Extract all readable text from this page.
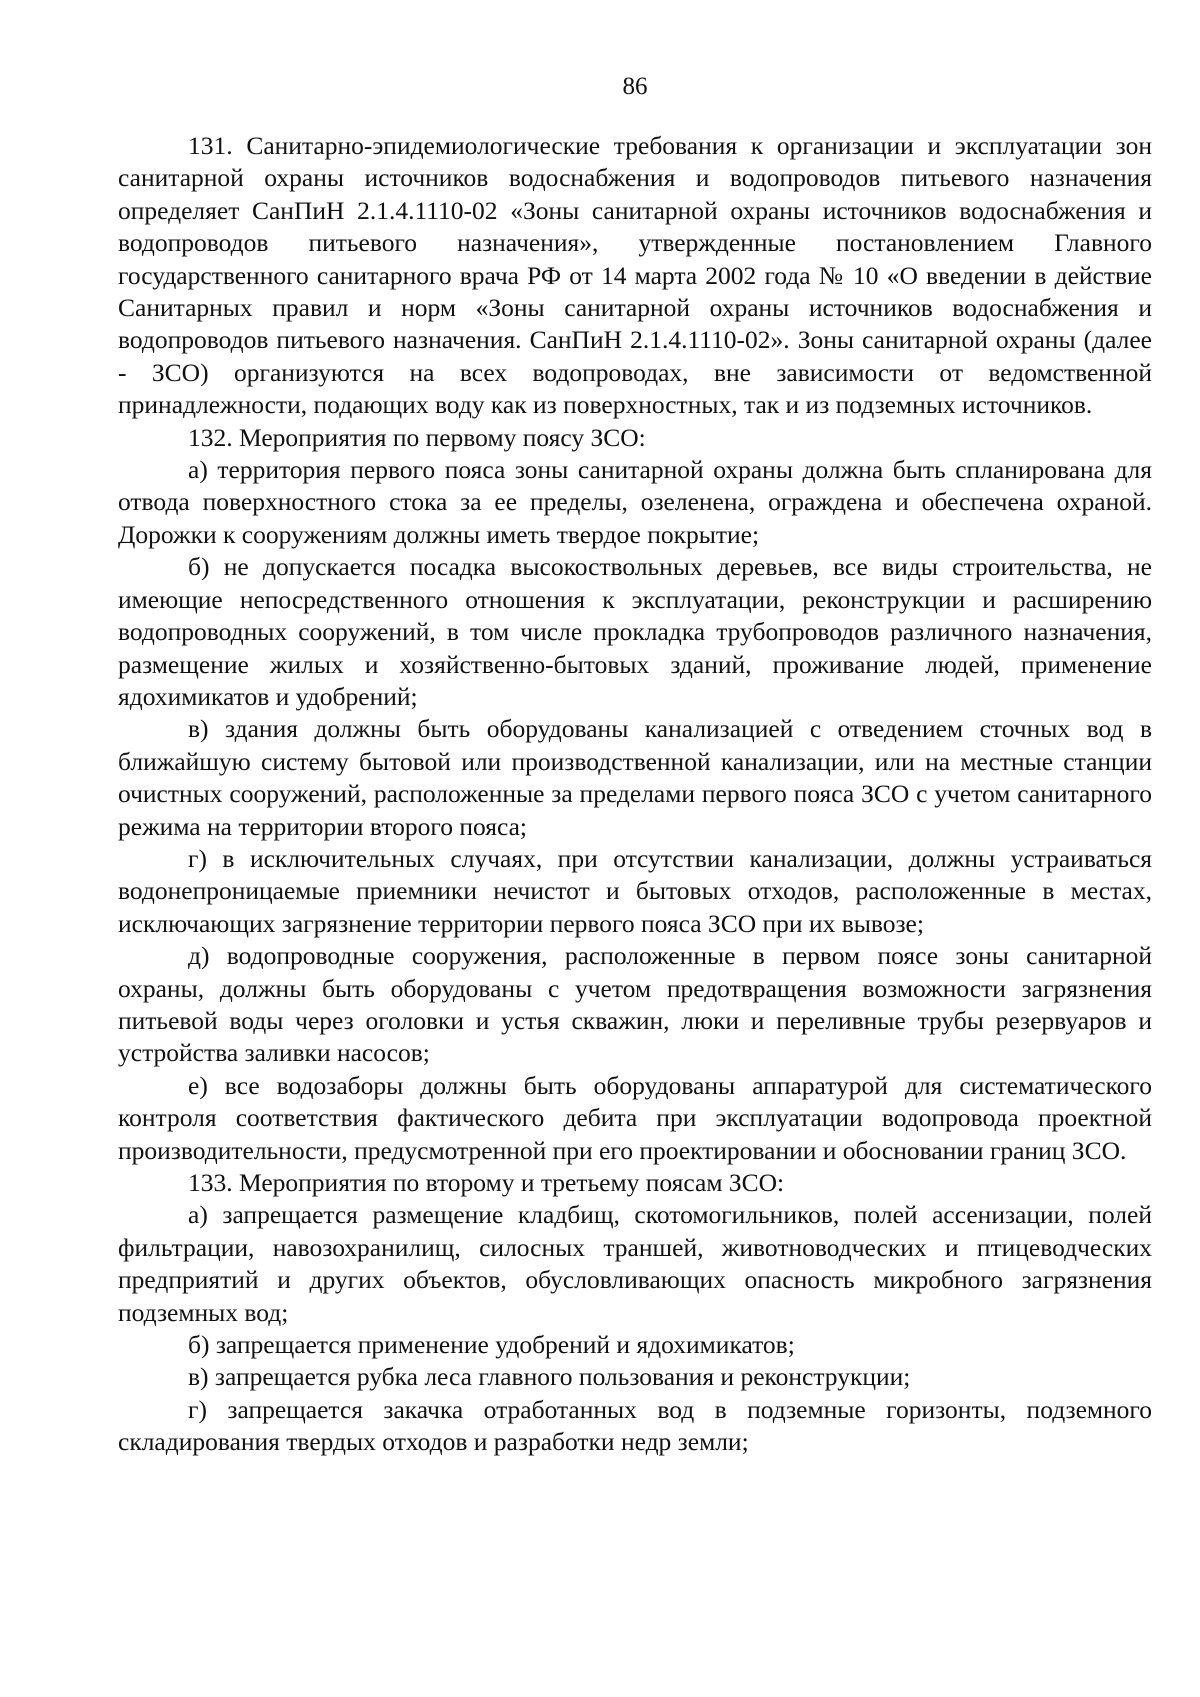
86

131. Санитарно-эпидемиологические требования к организации и эксплуатации зон санитарной охраны источников водоснабжения и водопроводов питьевого назначения определяет СанПиН 2.1.4.1110-02 «Зоны санитарной охраны источников водоснабжения и водопроводов питьевого назначения», утвержденные постановлением Главного государственного санитарного врача РФ от 14 марта 2002 года № 10 «О введении в действие Санитарных правил и норм «Зоны санитарной охраны источников водоснабжения и водопроводов питьевого назначения. СанПиН 2.1.4.1110-02». Зоны санитарной охраны (далее - ЗСО) организуются на всех водопроводах, вне зависимости от ведомственной принадлежности, подающих воду как из поверхностных, так и из подземных источников.

132. Мероприятия по первому поясу ЗСО:

а) территория первого пояса зоны санитарной охраны должна быть спланирована для отвода поверхностного стока за ее пределы, озеленена, ограждена и обеспечена охраной. Дорожки к сооружениям должны иметь твердое покрытие;

б) не допускается посадка высокоствольных деревьев, все виды строительства, не имеющие непосредственного отношения к эксплуатации, реконструкции и расширению водопроводных сооружений, в том числе прокладка трубопроводов различного назначения, размещение жилых и хозяйственно-бытовых зданий, проживание людей, применение ядохимикатов и удобрений;

в) здания должны быть оборудованы канализацией с отведением сточных вод в ближайшую систему бытовой или производственной канализации, или на местные станции очистных сооружений, расположенные за пределами первого пояса ЗСО с учетом санитарного режима на территории второго пояса;

г) в исключительных случаях, при отсутствии канализации, должны устраиваться водонепроницаемые приемники нечистот и бытовых отходов, расположенные в местах, исключающих загрязнение территории первого пояса ЗСО при их вывозе;

д) водопроводные сооружения, расположенные в первом поясе зоны санитарной охраны, должны быть оборудованы с учетом предотвращения возможности загрязнения питьевой воды через оголовки и устья скважин, люки и переливные трубы резервуаров и устройства заливки насосов;

е) все водозаборы должны быть оборудованы аппаратурой для систематического контроля соответствия фактического дебита при эксплуатации водопровода проектной производительности, предусмотренной при его проектировании и обосновании границ ЗСО.

133. Мероприятия по второму и третьему поясам ЗСО:

а) запрещается размещение кладбищ, скотомогильников, полей ассенизации, полей фильтрации, навозохранилищ, силосных траншей, животноводческих и птицеводческих предприятий и других объектов, обусловливающих опасность микробного загрязнения подземных вод;

б) запрещается применение удобрений и ядохимикатов;

в) запрещается рубка леса главного пользования и реконструкции;

г) запрещается закачка отработанных вод в подземные горизонты, подземного складирования твердых отходов и разработки недр земли;
